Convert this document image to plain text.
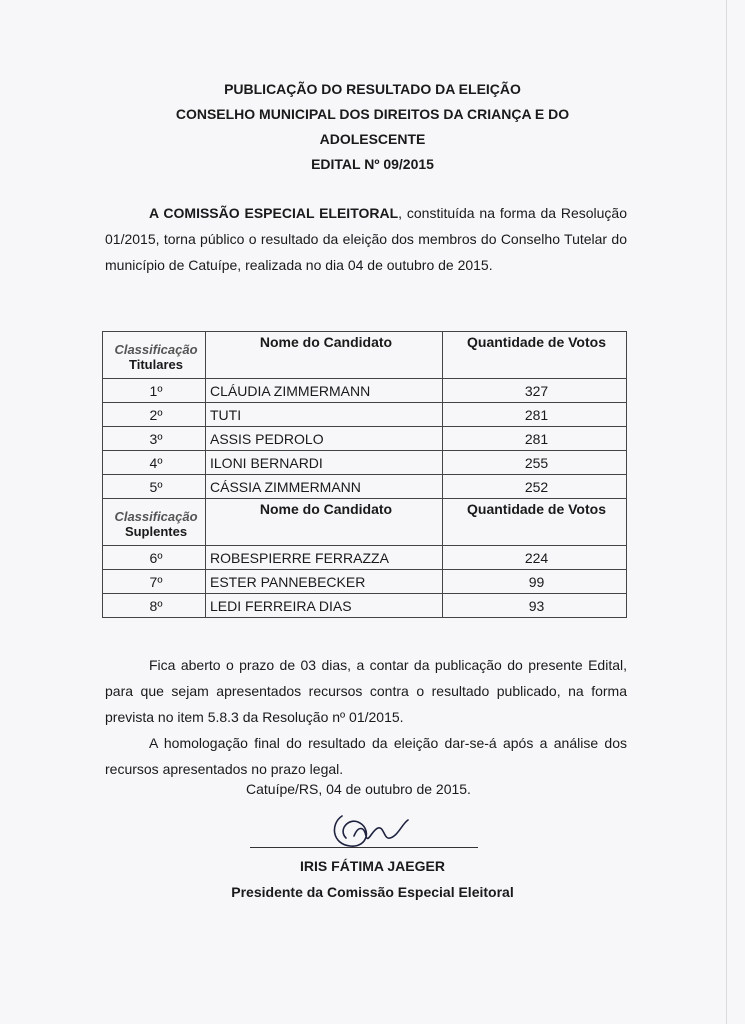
PUBLICAÇÃO DO RESULTADO DA ELEIÇÃO
CONSELHO MUNICIPAL DOS DIREITOS DA CRIANÇA E DO
ADOLESCENTE
EDITAL Nº 09/2015
A COMISSÃO ESPECIAL ELEITORAL, constituída na forma da Resolução 01/2015, torna público o resultado da eleição dos membros do Conselho Tutelar do município de Catuípe, realizada no dia 04 de outubro de 2015.
Classificação
Titulares	Nome do Candidato	Quantidade de Votos
1º	CLÁUDIA ZIMMERMANN	327
2º	TUTI	281
3º	ASSIS PEDROLO	281
4º	ILONI BERNARDI	255
5º	CÁSSIA ZIMMERMANN	252

Classificação
Suplentes	Nome do Candidato	Quantidade de Votos
6º	ROBESPIERRE FERRAZZA	224
7º	ESTER PANNEBECKER	99
8º	LEDI FERREIRA DIAS	93
Fica aberto o prazo de 03 dias, a contar da publicação do presente Edital, para que sejam apresentados recursos contra o resultado publicado, na forma prevista no item 5.8.3 da Resolução nº 01/2015.
A homologação final do resultado da eleição dar-se-á após a análise dos recursos apresentados no prazo legal.
Catuípe/RS, 04 de outubro de 2015.
IRIS FÁTIMA JAEGER
Presidente da Comissão Especial Eleitoral
